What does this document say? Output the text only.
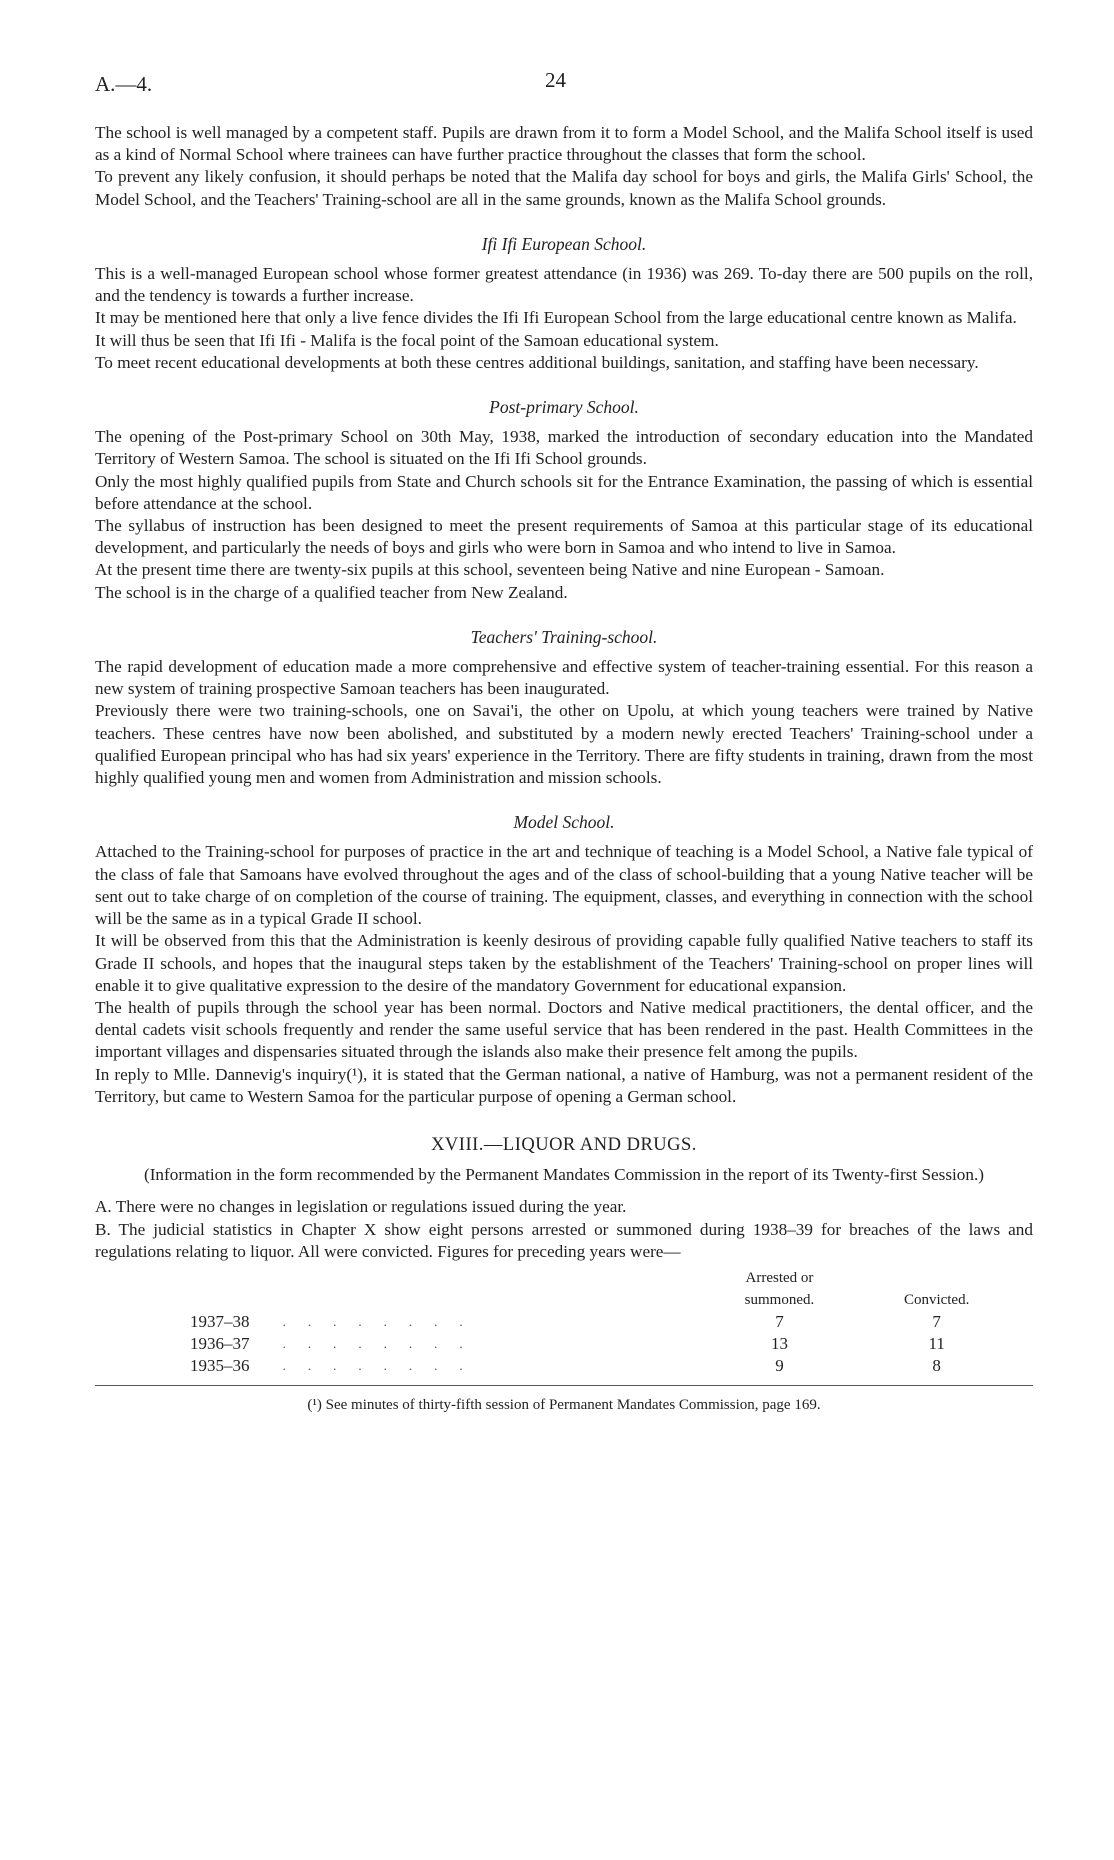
A.—4.	24

The school is well managed by a competent staff. Pupils are drawn from it to form a Model School, and the Malifa School itself is used as a kind of Normal School where trainees can have further practice throughout the classes that form the school.

To prevent any likely confusion, it should perhaps be noted that the Malifa day school for boys and girls, the Malifa Girls' School, the Model School, and the Teachers' Training-school are all in the same grounds, known as the Malifa School grounds.

Ifi Ifi European School.

This is a well-managed European school whose former greatest attendance (in 1936) was 269. To-day there are 500 pupils on the roll, and the tendency is towards a further increase.

It may be mentioned here that only a live fence divides the Ifi Ifi European School from the large educational centre known as Malifa.

It will thus be seen that Ifi Ifi - Malifa is the focal point of the Samoan educational system.

To meet recent educational developments at both these centres additional buildings, sanitation, and staffing have been necessary.

Post-primary School.

The opening of the Post-primary School on 30th May, 1938, marked the introduction of secondary education into the Mandated Territory of Western Samoa. The school is situated on the Ifi Ifi School grounds.

Only the most highly qualified pupils from State and Church schools sit for the Entrance Examination, the passing of which is essential before attendance at the school.

The syllabus of instruction has been designed to meet the present requirements of Samoa at this particular stage of its educational development, and particularly the needs of boys and girls who were born in Samoa and who intend to live in Samoa.

At the present time there are twenty-six pupils at this school, seventeen being Native and nine European - Samoan.

The school is in the charge of a qualified teacher from New Zealand.

Teachers' Training-school.

The rapid development of education made a more comprehensive and effective system of teacher-training essential. For this reason a new system of training prospective Samoan teachers has been inaugurated.

Previously there were two training-schools, one on Savai'i, the other on Upolu, at which young teachers were trained by Native teachers. These centres have now been abolished, and substituted by a modern newly erected Teachers' Training-school under a qualified European principal who has had six years' experience in the Territory. There are fifty students in training, drawn from the most highly qualified young men and women from Administration and mission schools.

Model School.

Attached to the Training-school for purposes of practice in the art and technique of teaching is a Model School, a Native fale typical of the class of fale that Samoans have evolved throughout the ages and of the class of school-building that a young Native teacher will be sent out to take charge of on completion of the course of training. The equipment, classes, and everything in connection with the school will be the same as in a typical Grade II school.

It will be observed from this that the Administration is keenly desirous of providing capable fully qualified Native teachers to staff its Grade II schools, and hopes that the inaugural steps taken by the establishment of the Teachers' Training-school on proper lines will enable it to give qualitative expression to the desire of the mandatory Government for educational expansion.

The health of pupils through the school year has been normal. Doctors and Native medical practitioners, the dental officer, and the dental cadets visit schools frequently and render the same useful service that has been rendered in the past. Health Committees in the important villages and dispensaries situated through the islands also make their presence felt among the pupils.

In reply to Mlle. Dannevig's inquiry(¹), it is stated that the German national, a native of Hamburg, was not a permanent resident of the Territory, but came to Western Samoa for the particular purpose of opening a German school.

XVIII.—LIQUOR AND DRUGS.
(Information in the form recommended by the Permanent Mandates Commission in the report of its Twenty-first Session.)

A. There were no changes in legislation or regulations issued during the year.

B. The judicial statistics in Chapter X show eight persons arrested or summoned during 1938–39 for breaches of the laws and regulations relating to liquor. All were convicted. Figures for preceding years were—

		Arrested or summoned.	Convicted.
1937–38	........	7	7
1936–37	........	13	11
1935–36	........	9	8
(¹) See minutes of thirty-fifth session of Permanent Mandates Commission, page 169.
